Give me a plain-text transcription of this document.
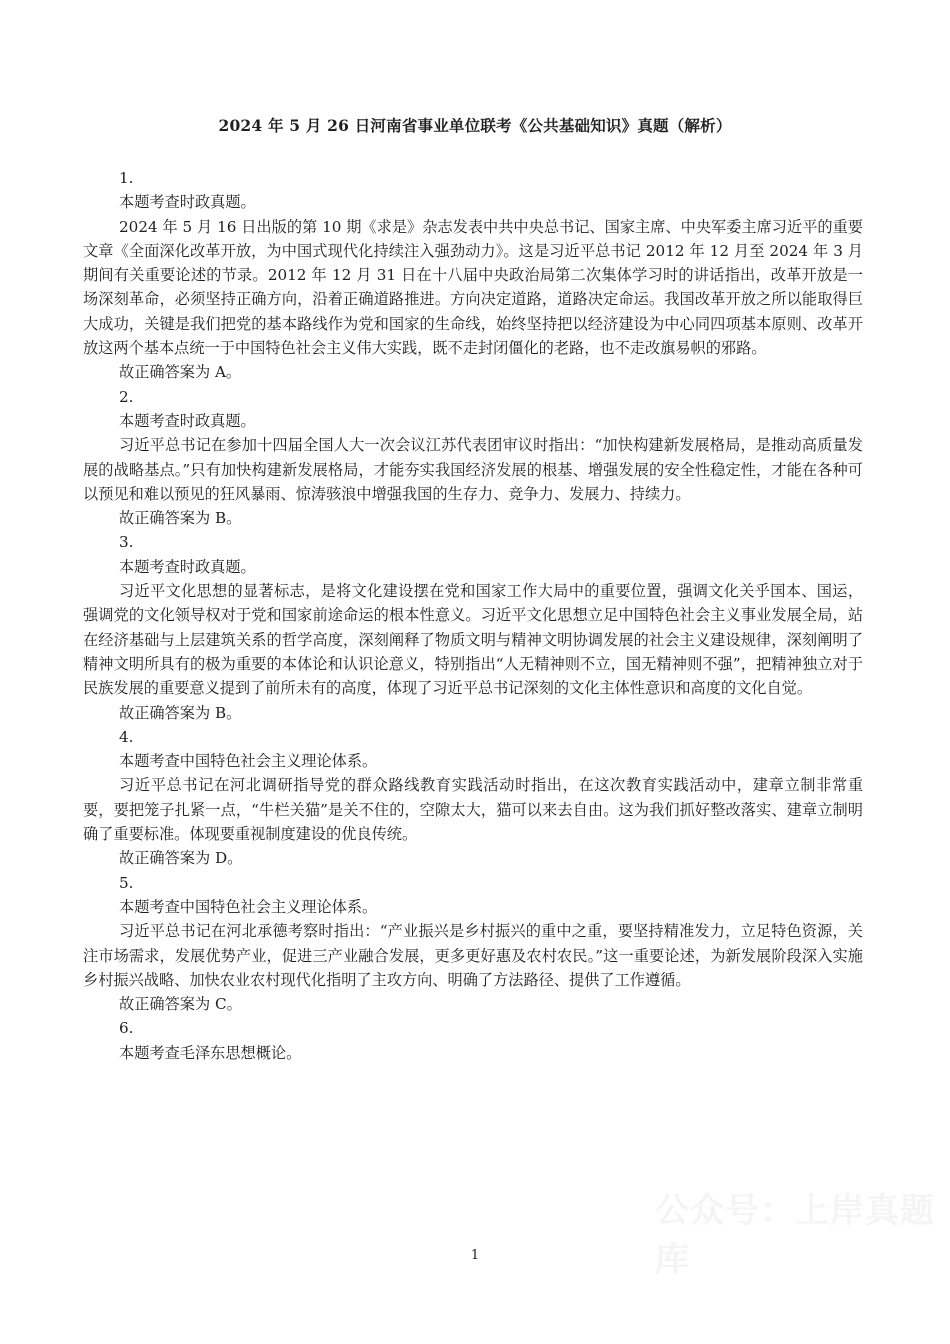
2024 年 5 月 26 日河南省事业单位联考《公共基础知识》真题（解析）

1.

本题考查时政真题。

2024 年 5 月 16 日出版的第 10 期《求是》杂志发表中共中央总书记、国家主席、中央军委主席习近平的重要文章《全面深化改革开放，为中国式现代化持续注入强劲动力》。这是习近平总书记 2012 年 12 月至 2024 年 3 月期间有关重要论述的节录。2012 年 12 月 31 日在十八届中央政治局第二次集体学习时的讲话指出，改革开放是一场深刻革命，必须坚持正确方向，沿着正确道路推进。方向决定道路，道路决定命运。我国改革开放之所以能取得巨大成功，关键是我们把党的基本路线作为党和国家的生命线，始终坚持把以经济建设为中心同四项基本原则、改革开放这两个基本点统一于中国特色社会主义伟大实践，既不走封闭僵化的老路，也不走改旗易帜的邪路。

故正确答案为 A。

2.

本题考查时政真题。

习近平总书记在参加十四届全国人大一次会议江苏代表团审议时指出：“加快构建新发展格局，是推动高质量发展的战略基点。”只有加快构建新发展格局，才能夯实我国经济发展的根基、增强发展的安全性稳定性，才能在各种可以预见和难以预见的狂风暴雨、惊涛骇浪中增强我国的生存力、竞争力、发展力、持续力。

故正确答案为 B。

3.

本题考查时政真题。

习近平文化思想的显著标志，是将文化建设摆在党和国家工作大局中的重要位置，强调文化关乎国本、国运，强调党的文化领导权对于党和国家前途命运的根本性意义。习近平文化思想立足中国特色社会主义事业发展全局，站在经济基础与上层建筑关系的哲学高度，深刻阐释了物质文明与精神文明协调发展的社会主义建设规律，深刻阐明了精神文明所具有的极为重要的本体论和认识论意义，特别指出“人无精神则不立，国无精神则不强”，把精神独立对于民族发展的重要意义提到了前所未有的高度，体现了习近平总书记深刻的文化主体性意识和高度的文化自觉。

故正确答案为 B。

4.

本题考查中国特色社会主义理论体系。

习近平总书记在河北调研指导党的群众路线教育实践活动时指出，在这次教育实践活动中，建章立制非常重要，要把笼子扎紧一点，“牛栏关猫”是关不住的，空隙太大，猫可以来去自由。这为我们抓好整改落实、建章立制明确了重要标准。体现要重视制度建设的优良传统。

故正确答案为 D。

5.

本题考查中国特色社会主义理论体系。

习近平总书记在河北承德考察时指出：“产业振兴是乡村振兴的重中之重，要坚持精准发力，立足特色资源，关注市场需求，发展优势产业，促进三产业融合发展，更多更好惠及农村农民。”这一重要论述，为新发展阶段深入实施乡村振兴战略、加快农业农村现代化指明了主攻方向、明确了方法路径、提供了工作遵循。

故正确答案为 C。

6.

本题考查毛泽东思想概论。

公众号：上岸真题库
1
